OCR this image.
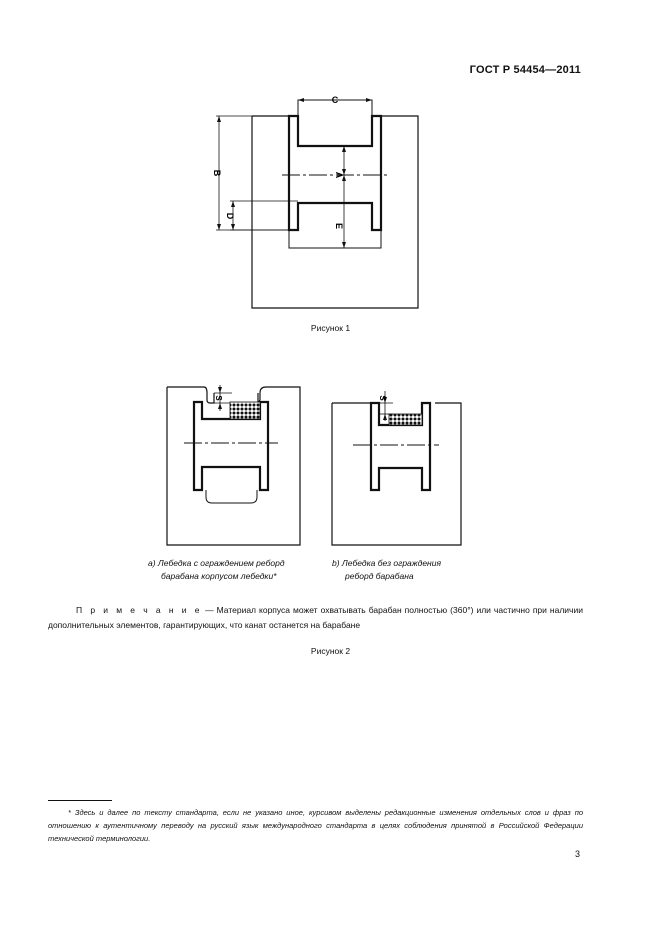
ГОСТ Р 54454—2011
C
B
D
A
E
Рисунок 1
S	S
а) Лебедка с ограждением реборд
барабана корпусом лебедки*
b) Лебедка без ограждения
реборд барабана
П р и м е ч а н и е — Материал корпуса может охватывать барабан полностью (360°) или частично при наличии дополнительных элементов, гарантирующих, что канат останется на барабане
Рисунок 2
* Здесь и далее по тексту стандарта, если не указано иное, курсивом выделены редакционные изменения отдельных слов и фраз по отношению к аутентичному переводу на русский язык международного стандарта в целях соблюдения принятой в Российской Федерации технической терминологии.
3
